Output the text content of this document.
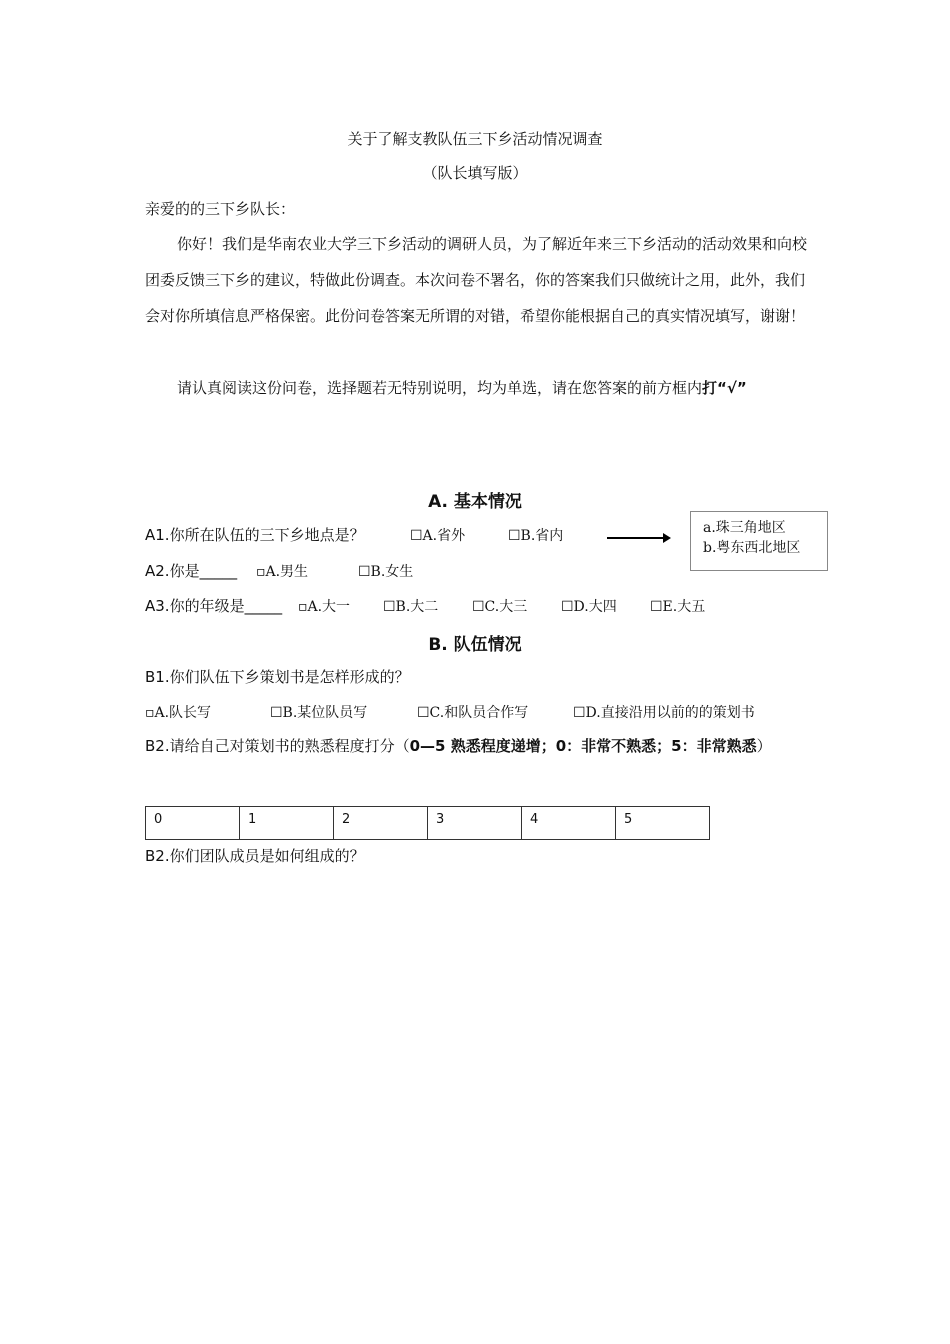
关于了解支教队伍三下乡活动情况调查
（队长填写版）
亲爱的的三下乡队长：
你好！我们是华南农业大学三下乡活动的调研人员，为了解近年来三下乡活动的活动效果和向校团委反馈三下乡的建议，特做此份调查。本次问卷不署名，你的答案我们只做统计之用，此外，我们会对你所填信息严格保密。此份问卷答案无所谓的对错，希望你能根据自己的真实情况填写，谢谢！
请认真阅读这份问卷，选择题若无特别说明，均为单选，请在您答案的前方框内打“√”
A. 基本情况
A1.你所在队伍的三下乡地点是？	☐A.省外	☐B.省内	a.珠三角地区
b.粤东西北地区
A2.你是_____ ▫A.男生	☐B.女生
A3.你的年级是_____ ▫A.大一 ☐B.大二 ☐C.大三 ☐D.大四 ☐E.大五
B. 队伍情况
B1.你们队伍下乡策划书是怎样形成的？
▫A.队长写	☐B.某位队员写	☐C.和队员合作写	☐D.直接沿用以前的的策划书
B2.请给自己对策划书的熟悉程度打分（0—5 熟悉程度递增；0：非常不熟悉；5：非常熟悉）
0	1	2	3	4	5
B2.你们团队成员是如何组成的？
